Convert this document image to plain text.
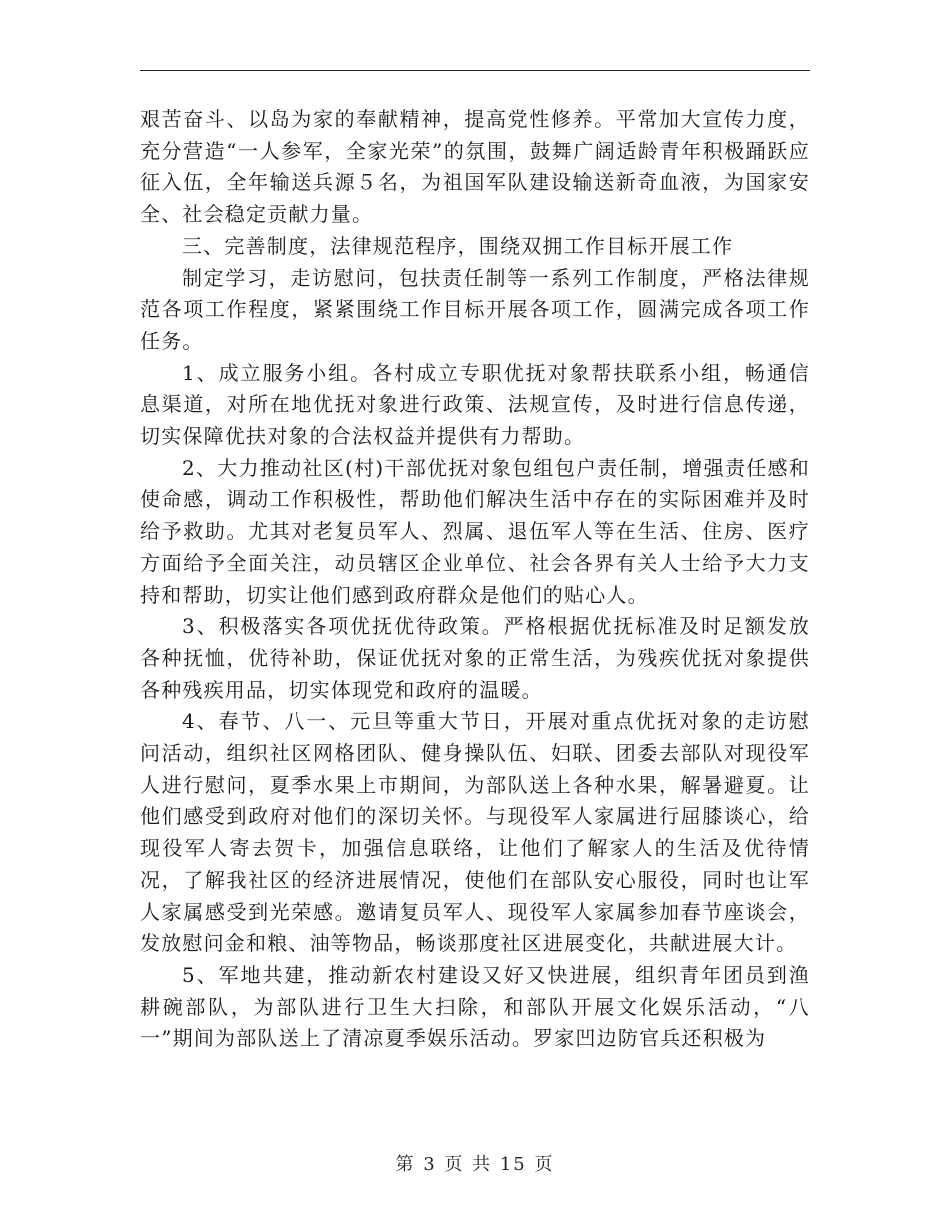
艰苦奋斗、以岛为家的奉献精神，提高党性修养。平常加大宣传力度，充分营造“一人参军，全家光荣”的氛围，鼓舞广阔适龄青年积极踊跃应征入伍，全年输送兵源５名，为祖国军队建设输送新奇血液，为国家安全、社会稳定贡献力量。

三、完善制度，法律规范程序，围绕双拥工作目标开展工作

制定学习，走访慰问，包扶责任制等一系列工作制度，严格法律规范各项工作程度，紧紧围绕工作目标开展各项工作，圆满完成各项工作任务。

1、成立服务小组。各村成立专职优抚对象帮扶联系小组，畅通信息渠道，对所在地优抚对象进行政策、法规宣传，及时进行信息传递，切实保障优扶对象的合法权益并提供有力帮助。

2、大力推动社区(村)干部优抚对象包组包户责任制，增强责任感和使命感，调动工作积极性，帮助他们解决生活中存在的实际困难并及时给予救助。尤其对老复员军人、烈属、退伍军人等在生活、住房、医疗方面给予全面关注，动员辖区企业单位、社会各界有关人士给予大力支持和帮助，切实让他们感到政府群众是他们的贴心人。

3、积极落实各项优抚优待政策。严格根据优抚标准及时足额发放各种抚恤，优待补助，保证优抚对象的正常生活，为残疾优抚对象提供各种残疾用品，切实体现党和政府的温暖。

4、春节、八一、元旦等重大节日，开展对重点优抚对象的走访慰问活动，组织社区网格团队、健身操队伍、妇联、团委去部队对现役军人进行慰问，夏季水果上市期间，为部队送上各种水果，解暑避夏。让他们感受到政府对他们的深切关怀。与现役军人家属进行屈膝谈心，给现役军人寄去贺卡，加强信息联络，让他们了解家人的生活及优待情况，了解我社区的经济进展情况，使他们在部队安心服役，同时也让军人家属感受到光荣感。邀请复员军人、现役军人家属参加春节座谈会，发放慰问金和粮、油等物品，畅谈那度社区进展变化，共献进展大计。

5、军地共建，推动新农村建设又好又快进展，组织青年团员到渔耕碗部队，为部队进行卫生大扫除，和部队开展文化娱乐活动，“八一”期间为部队送上了清凉夏季娱乐活动。罗家凹边防官兵还积极为

第 3 页 共 15 页
